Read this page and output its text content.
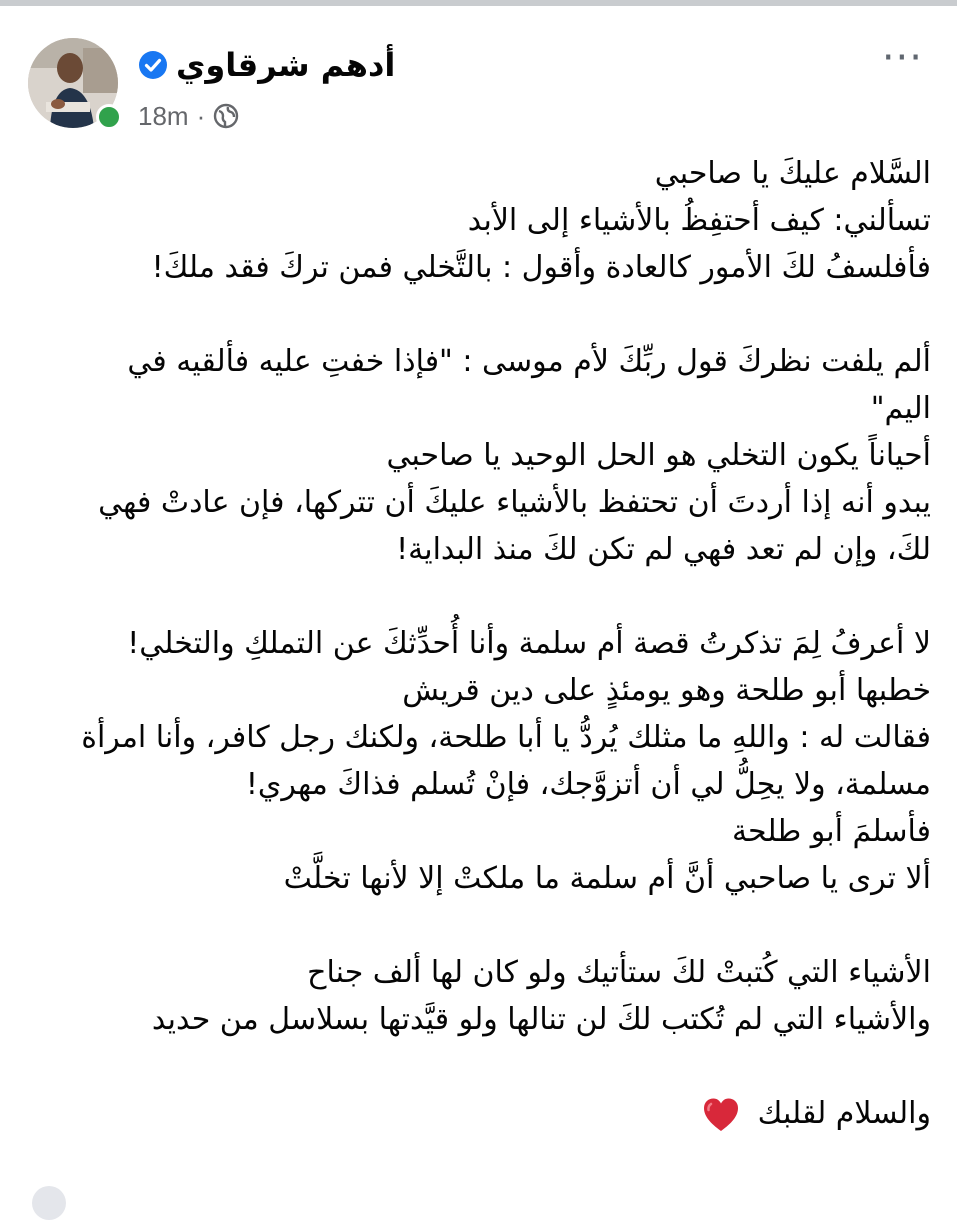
أدهم شرقاوي
18m ·
···
السَّلام عليكَ يا صاحبي
تسألني: كيف أحتفِظُ بالأشياء إلى الأبد
فأفلسفُ لكَ الأمور كالعادة وأقول : بالتَّخلي فمن تركَ فقد ملكَ!
ألم يلفت نظركَ قول ربِّكَ لأم موسى : "فإذا خفتِ عليه فألقيه في
اليم"
أحياناً يكون التخلي هو الحل الوحيد يا صاحبي
يبدو أنه إذا أردتَ أن تحتفظ بالأشياء عليكَ أن تتركها، فإن عادتْ فهي
لكَ، وإن لم تعد فهي لم تكن لكَ منذ البداية!
لا أعرفُ لِمَ تذكرتُ قصة أم سلمة وأنا أُحدِّثكَ عن التملكِ والتخلي!
خطبها أبو طلحة وهو يومئذٍ على دين قريش
فقالت له : واللهِ ما مثلك يُردُّ يا أبا طلحة، ولكنك رجل كافر، وأنا امرأة
مسلمة، ولا يحِلُّ لي أن أتزوَّجك، فإنْ تُسلم فذاكَ مهري!
فأسلمَ أبو طلحة
ألا ترى يا صاحبي أنَّ أم سلمة ما ملكتْ إلا لأنها تخلَّتْ
الأشياء التي كُتبتْ لكَ ستأتيك ولو كان لها ألف جناح
والأشياء التي لم تُكتب لكَ لن تنالها ولو قيَّدتها بسلاسل من حديد
والسلام لقلبك
